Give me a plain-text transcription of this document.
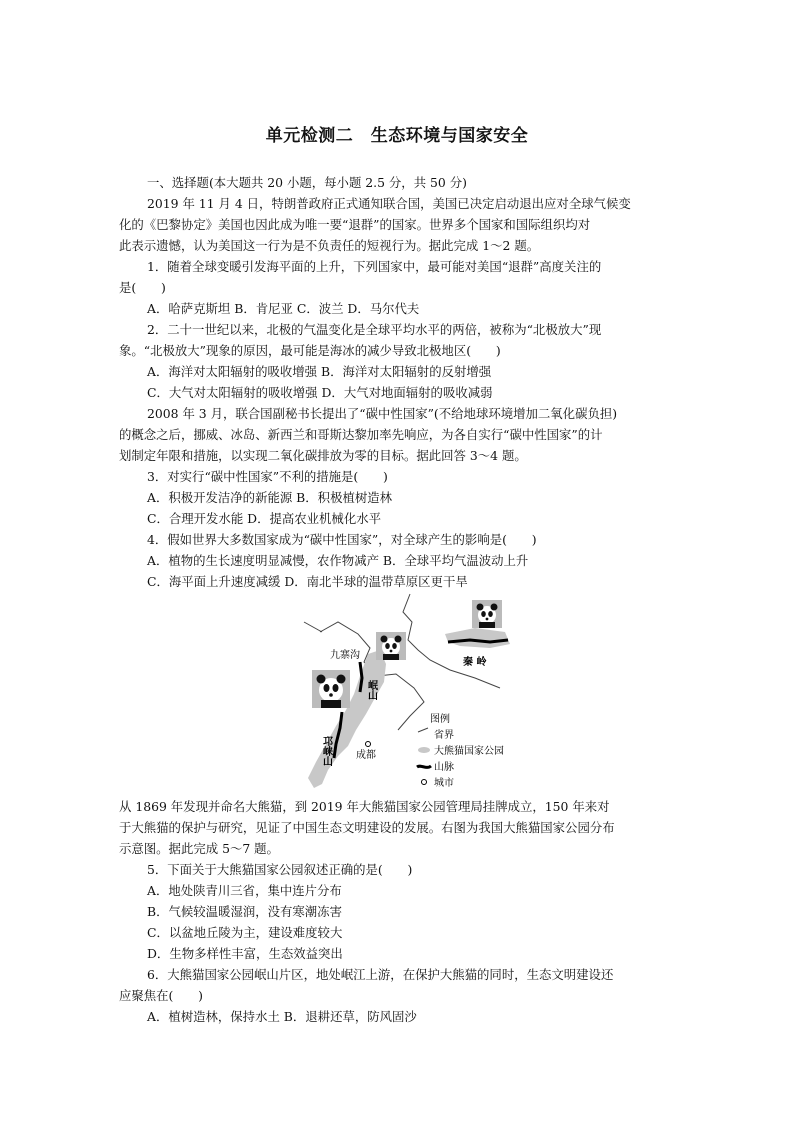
单元检测二　生态环境与国家安全
一、选择题(本大题共 20 小题，每小题 2.5 分，共 50 分)
2019 年 11 月 4 日，特朗普政府正式通知联合国，美国已决定启动退出应对全球气候变
化的《巴黎协定》美国也因此成为唯一要“退群”的国家。世界多个国家和国际组织均对
此表示遗憾，认为美国这一行为是不负责任的短视行为。据此完成 1～2 题。
1．随着全球变暖引发海平面的上升，下列国家中，最可能对美国“退群”高度关注的
是(　　)
A．哈萨克斯坦 B．肯尼亚 C．波兰 D．马尔代夫
2．二十一世纪以来，北极的气温变化是全球平均水平的两倍，被称为“北极放大”现
象。“北极放大”现象的原因，最可能是海冰的减少导致北极地区(　　)
A．海洋对太阳辐射的吸收增强 B．海洋对太阳辐射的反射增强
C．大气对太阳辐射的吸收增强 D．大气对地面辐射的吸收减弱
2008 年 3 月，联合国副秘书长提出了“碳中性国家”(不给地球环境增加二氧化碳负担)
的概念之后，挪威、冰岛、新西兰和哥斯达黎加率先响应，为各自实行“碳中性国家”的计
划制定年限和措施，以实现二氧化碳排放为零的目标。据此回答 3～4 题。
3．对实行“碳中性国家”不利的措施是(　　)
A．积极开发洁净的新能源 B．积极植树造林
C．合理开发水能 D．提高农业机械化水平
4．假如世界大多数国家成为“碳中性国家”，对全球产生的影响是(　　)
A．植物的生长速度明显减慢，农作物减产 B．全球平均气温波动上升
C．海平面上升速度减缓 D．南北半球的温带草原区更干旱
九寨沟
秦 岭
岷山
邛崃山 成都
图例
省界
大熊猫国家公园
山脉
城市
从 1869 年发现并命名大熊猫，到 2019 年大熊猫国家公园管理局挂牌成立，150 年来对
于大熊猫的保护与研究，见证了中国生态文明建设的发展。右图为我国大熊猫国家公园分布
示意图。据此完成 5～7 题。
5．下面关于大熊猫国家公园叙述正确的是(　　)
A．地处陕青川三省，集中连片分布
B．气候较温暖湿润，没有寒潮冻害
C．以盆地丘陵为主，建设难度较大
D．生物多样性丰富，生态效益突出
6．大熊猫国家公园岷山片区，地处岷江上游，在保护大熊猫的同时，生态文明建设还
应聚焦在(　　)
A．植树造林，保持水土 B．退耕还草，防风固沙
